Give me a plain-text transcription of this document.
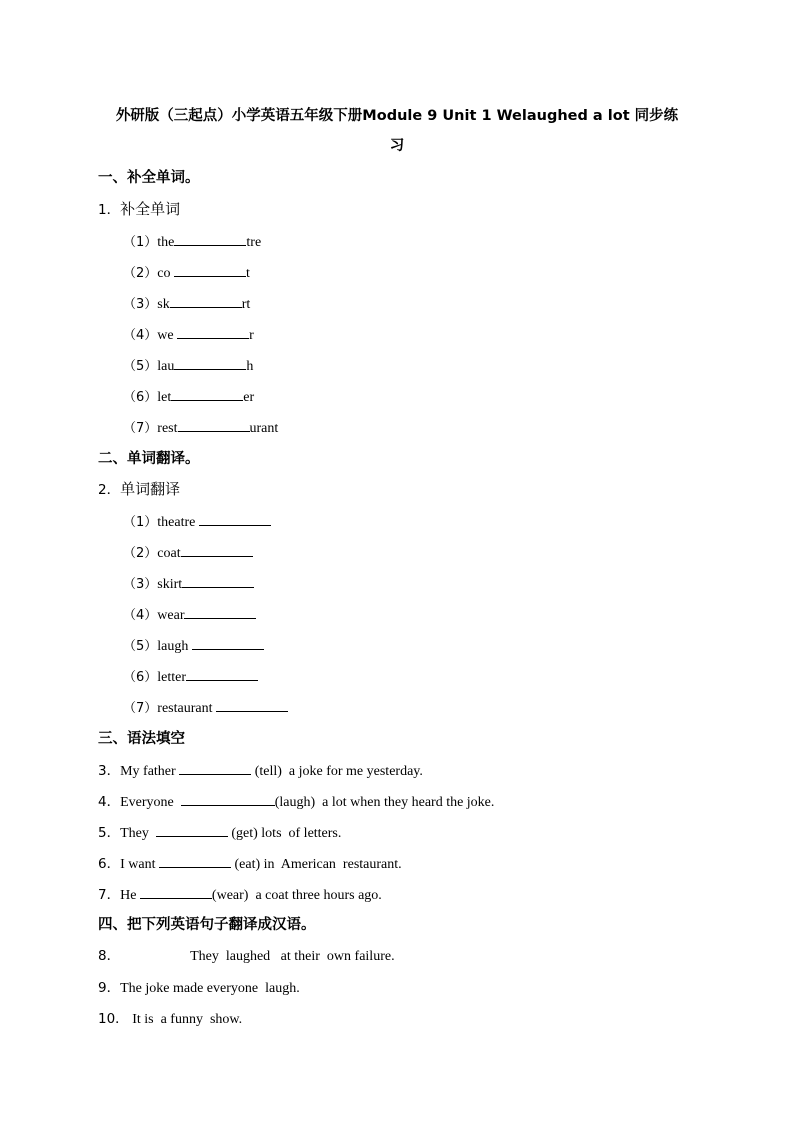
外研版（三起点）小学英语五年级下册Module 9 Unit 1 Welaughed a lot 同步练
习
一、补全单词。
1．补全单词
（1）the	tre
（2）co	t
（3）sk	rt
（4）we	r
（5）lau	h
（6）let	er
（7）rest	urant
二、单词翻译。
2．单词翻译
（1）theatre
（2）coat
（3）skirt
（4）wear
（5）laugh
（6）letter
（7）restaurant
三、语法填空
3．My father	(tell)  a joke for me yesterday.
4．Everyone	(laugh)  a lot when they heard the joke.
5．They	(get) lots  of letters.
6．I want	(eat) in  American  restaurant.
7．He	(wear)  a coat three hours ago.
四、把下列英语句子翻译成汉语。
8．	They  laughed   at their  own failure.
9．The joke made everyone  laugh.
10． It is  a funny  show.
